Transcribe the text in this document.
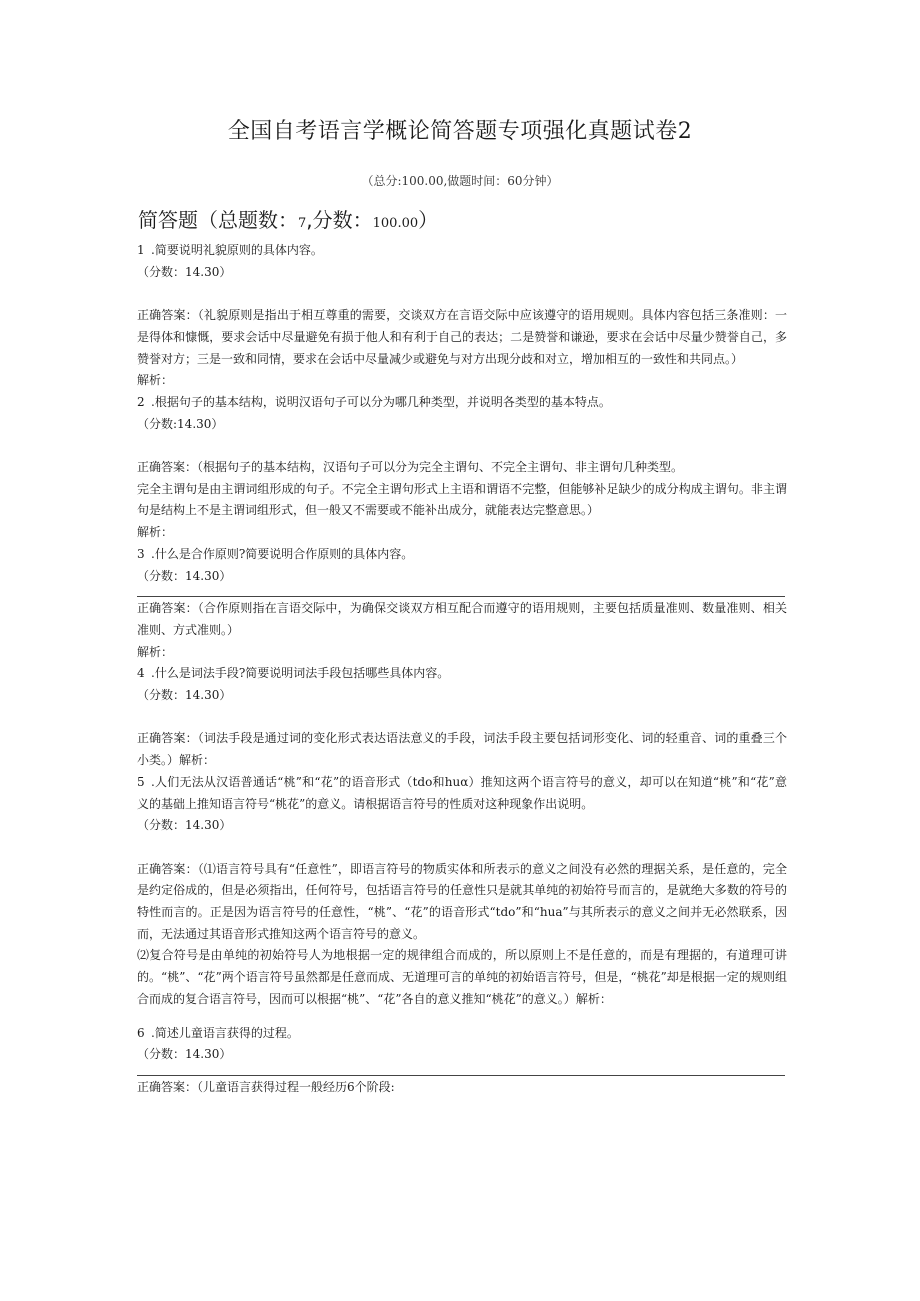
全国自考语言学概论简答题专项强化真题试卷2
（总分:100.00,做题时间：60分钟）
简答题（总题数：7,分数：100.00）
1 .简要说明礼貌原则的具体内容。
（分数：14.30）
正确答案：（礼貌原则是指出于相互尊重的需要，交谈双方在言语交际中应该遵守的语用规则。具体内容包括三条准则：一是得体和慷慨，要求会话中尽量避免有损于他人和有利于自己的表达；二是赞誉和谦逊，要求在会话中尽量少赞誉自己，多赞誉对方；三是一致和同情，要求在会话中尽量减少或避免与对方出现分歧和对立，增加相互的一致性和共同点。）
解析：
2 .根据句子的基本结构，说明汉语句子可以分为哪几种类型，并说明各类型的基本特点。
（分数:14.30）
正确答案：（根据句子的基本结构，汉语句子可以分为完全主谓句、不完全主谓句、非主谓句几种类型。
完全主谓句是由主谓词组形成的句子。不完全主谓句形式上主语和谓语不完整，但能够补足缺少的成分构成主谓句。非主谓句是结构上不是主谓词组形式，但一般又不需要或不能补出成分，就能表达完整意思。）
解析：
3 .什么是合作原则?简要说明合作原则的具体内容。
（分数：14.30）
正确答案：（合作原则指在言语交际中，为确保交谈双方相互配合而遵守的语用规则，主要包括质量准则、数量准则、相关准则、方式准则。）
解析：
4 .什么是词法手段?简要说明词法手段包括哪些具体内容。
（分数：14.30）
正确答案：（词法手段是通过词的变化形式表达语法意义的手段，词法手段主要包括词形变化、词的轻重音、词的重叠三个小类。）解析：
5 .人们无法从汉语普通话“桃”和“花”的语音形式（tdo和huα）推知这两个语言符号的意义，却可以在知道“桃”和“花”意义的基础上推知语言符号“桃花”的意义。请根据语言符号的性质对这种现象作出说明。
（分数：14.30）
正确答案：（⑴语言符号具有“任意性”，即语言符号的物质实体和所表示的意义之间没有必然的理据关系，是任意的，完全是约定俗成的，但是必须指出，任何符号，包括语言符号的任意性只是就其单纯的初始符号而言的，是就绝大多数的符号的特性而言的。正是因为语言符号的任意性，“桃”、“花”的语音形式“tdo”和“hua”与其所表示的意义之间并无必然联系，因而，无法通过其语音形式推知这两个语言符号的意义。
⑵复合符号是由单纯的初始符号人为地根据一定的规律组合而成的，所以原则上不是任意的，而是有理据的，有道理可讲的。“桃”、“花”两个语言符号虽然都是任意而成、无道理可言的单纯的初始语言符号，但是，“桃花”却是根据一定的规则组合而成的复合语言符号，因而可以根据“桃”、“花”各自的意义推知“桃花”的意义。）解析：
6 .简述儿童语言获得的过程。
（分数：14.30）
正确答案：（儿童语言获得过程一般经历6个阶段:
